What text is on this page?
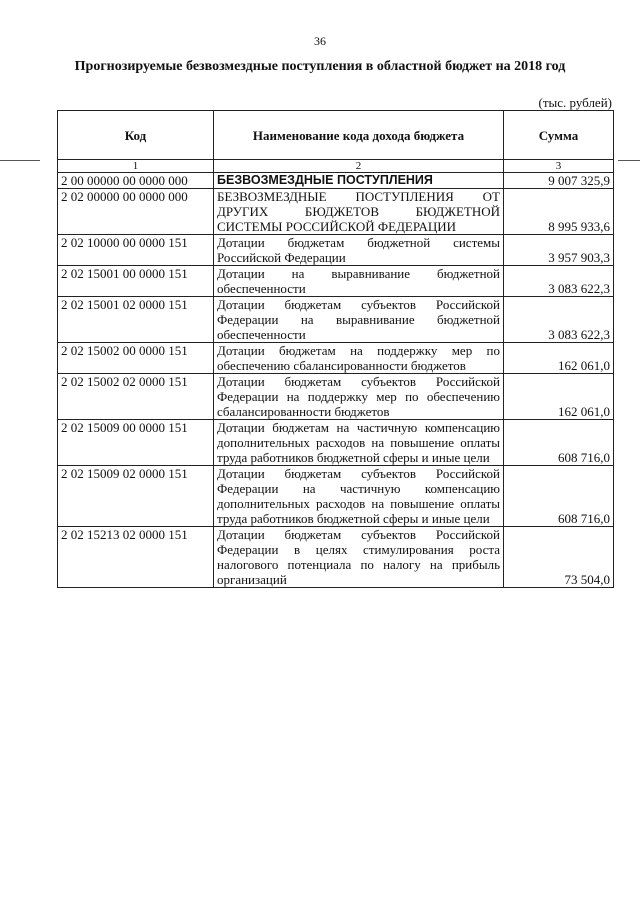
36
Прогнозируемые безвозмездные поступления в областной бюджет на 2018 год
(тыс. рублей)
Код	Наименование кода дохода бюджета	Сумма
1	2	3
2 00 00000 00 0000 000	БЕЗВОЗМЕЗДНЫЕ ПОСТУПЛЕНИЯ	9 007 325,9
2 02 00000 00 0000 000	БЕЗВОЗМЕЗДНЫЕ ПОСТУПЛЕНИЯ ОТ ДРУГИХ БЮДЖЕТОВ БЮДЖЕТНОЙ СИСТЕМЫ РОССИЙСКОЙ ФЕДЕРАЦИИ	8 995 933,6
2 02 10000 00 0000 151	Дотации бюджетам бюджетной системы Российской Федерации	3 957 903,3
2 02 15001 00 0000 151	Дотации на выравнивание бюджетной обеспеченности	3 083 622,3
2 02 15001 02 0000 151	Дотации бюджетам субъектов Российской Федерации на выравнивание бюджетной обеспеченности	3 083 622,3
2 02 15002 00 0000 151	Дотации бюджетам на поддержку мер по обеспечению сбалансированности бюджетов	162 061,0
2 02 15002 02 0000 151	Дотации бюджетам субъектов Российской Федерации на поддержку мер по обеспечению сбалансированности бюджетов	162 061,0
2 02 15009 00 0000 151	Дотации бюджетам на частичную компенсацию дополнительных расходов на повышение оплаты труда работников бюджетной сферы и иные цели	608 716,0
2 02 15009 02 0000 151	Дотации бюджетам субъектов Российской Федерации на частичную компенсацию дополнительных расходов на повышение оплаты труда работников бюджетной сферы и иные цели	608 716,0
2 02 15213 02 0000 151	Дотации бюджетам субъектов Российской Федерации в целях стимулирования роста налогового потенциала по налогу на прибыль организаций	73 504,0
